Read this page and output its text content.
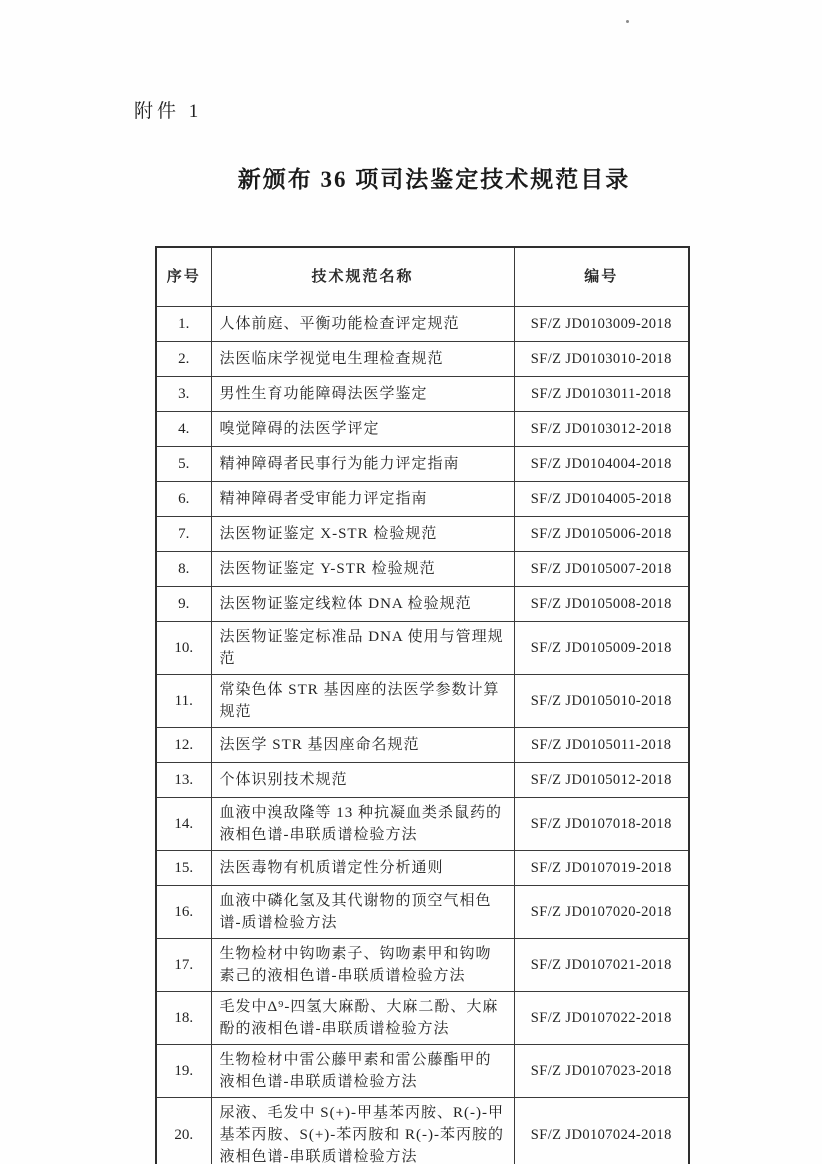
附件 1
新颁布 36 项司法鉴定技术规范目录
序号	技术规范名称	编号
1.	人体前庭、平衡功能检查评定规范	SF/Z JD0103009-2018
2.	法医临床学视觉电生理检查规范	SF/Z JD0103010-2018
3.	男性生育功能障碍法医学鉴定	SF/Z JD0103011-2018
4.	嗅觉障碍的法医学评定	SF/Z JD0103012-2018
5.	精神障碍者民事行为能力评定指南	SF/Z JD0104004-2018
6.	精神障碍者受审能力评定指南	SF/Z JD0104005-2018
7.	法医物证鉴定 X-STR 检验规范	SF/Z JD0105006-2018
8.	法医物证鉴定 Y-STR 检验规范	SF/Z JD0105007-2018
9.	法医物证鉴定线粒体 DNA 检验规范	SF/Z JD0105008-2018
10.	法医物证鉴定标准品 DNA 使用与管理规范	SF/Z JD0105009-2018
11.	常染色体 STR 基因座的法医学参数计算规范	SF/Z JD0105010-2018
12.	法医学 STR 基因座命名规范	SF/Z JD0105011-2018
13.	个体识别技术规范	SF/Z JD0105012-2018
14.	血液中溴敌隆等 13 种抗凝血类杀鼠药的液相色谱-串联质谱检验方法	SF/Z JD0107018-2018
15.	法医毒物有机质谱定性分析通则	SF/Z JD0107019-2018
16.	血液中磷化氢及其代谢物的顶空气相色谱-质谱检验方法	SF/Z JD0107020-2018
17.	生物检材中钩吻素子、钩吻素甲和钩吻素己的液相色谱-串联质谱检验方法	SF/Z JD0107021-2018
18.	毛发中Δ⁹-四氢大麻酚、大麻二酚、大麻酚的液相色谱-串联质谱检验方法	SF/Z JD0107022-2018
19.	生物检材中雷公藤甲素和雷公藤酯甲的液相色谱-串联质谱检验方法	SF/Z JD0107023-2018
20.	尿液、毛发中 S(+)-甲基苯丙胺、R(-)-甲基苯丙胺、S(+)-苯丙胺和 R(-)-苯丙胺的液相色谱-串联质谱检验方法	SF/Z JD0107024-2018
